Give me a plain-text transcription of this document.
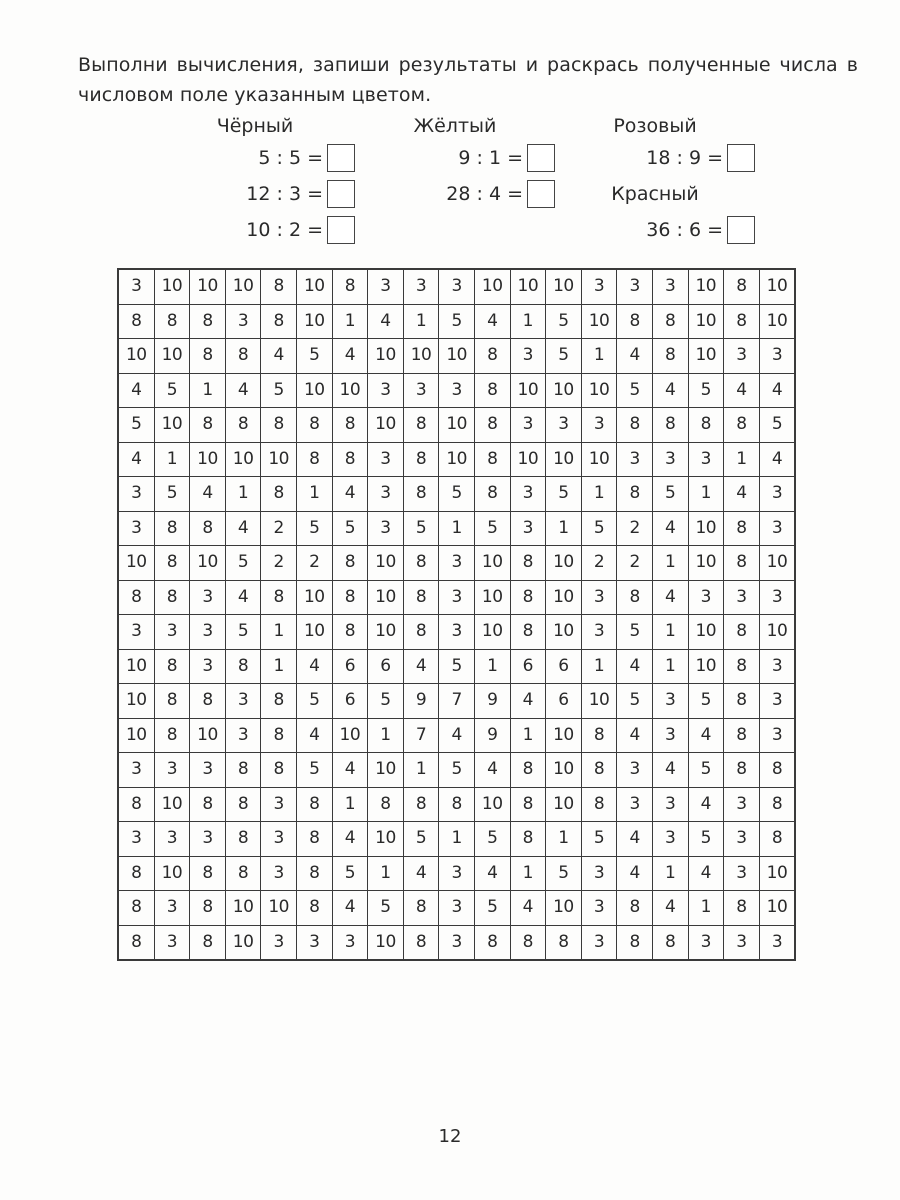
Выполни вычисления, запиши результаты и раскрась полученные числа в числовом поле указанным цветом.
Чёрный
5 : 5 =
12 : 3 =
10 : 2 =
Жёлтый
9 : 1 =
28 : 4 =
Розовый
18 : 9 =
Красный
36 : 6 =
3	10	10	10	8	10	8	3	3	3	10	10	10	3	3	3	10	8	10
8	8	8	3	8	10	1	4	1	5	4	1	5	10	8	8	10	8	10
10	10	8	8	4	5	4	10	10	10	8	3	5	1	4	8	10	3	3
4	5	1	4	5	10	10	3	3	3	8	10	10	10	5	4	5	4	4
5	10	8	8	8	8	8	10	8	10	8	3	3	3	8	8	8	8	5
4	1	10	10	10	8	8	3	8	10	8	10	10	10	3	3	3	1	4
3	5	4	1	8	1	4	3	8	5	8	3	5	1	8	5	1	4	3
3	8	8	4	2	5	5	3	5	1	5	3	1	5	2	4	10	8	3
10	8	10	5	2	2	8	10	8	3	10	8	10	2	2	1	10	8	10
8	8	3	4	8	10	8	10	8	3	10	8	10	3	8	4	3	3	3
3	3	3	5	1	10	8	10	8	3	10	8	10	3	5	1	10	8	10
10	8	3	8	1	4	6	6	4	5	1	6	6	1	4	1	10	8	3
10	8	8	3	8	5	6	5	9	7	9	4	6	10	5	3	5	8	3
10	8	10	3	8	4	10	1	7	4	9	1	10	8	4	3	4	8	3
3	3	3	8	8	5	4	10	1	5	4	8	10	8	3	4	5	8	8
8	10	8	8	3	8	1	8	8	8	10	8	10	8	3	3	4	3	8
3	3	3	8	3	8	4	10	5	1	5	8	1	5	4	3	5	3	8
8	10	8	8	3	8	5	1	4	3	4	1	5	3	4	1	4	3	10
8	3	8	10	10	8	4	5	8	3	5	4	10	3	8	4	1	8	10
8	3	8	10	3	3	3	10	8	3	8	8	8	3	8	8	3	3	3
12
